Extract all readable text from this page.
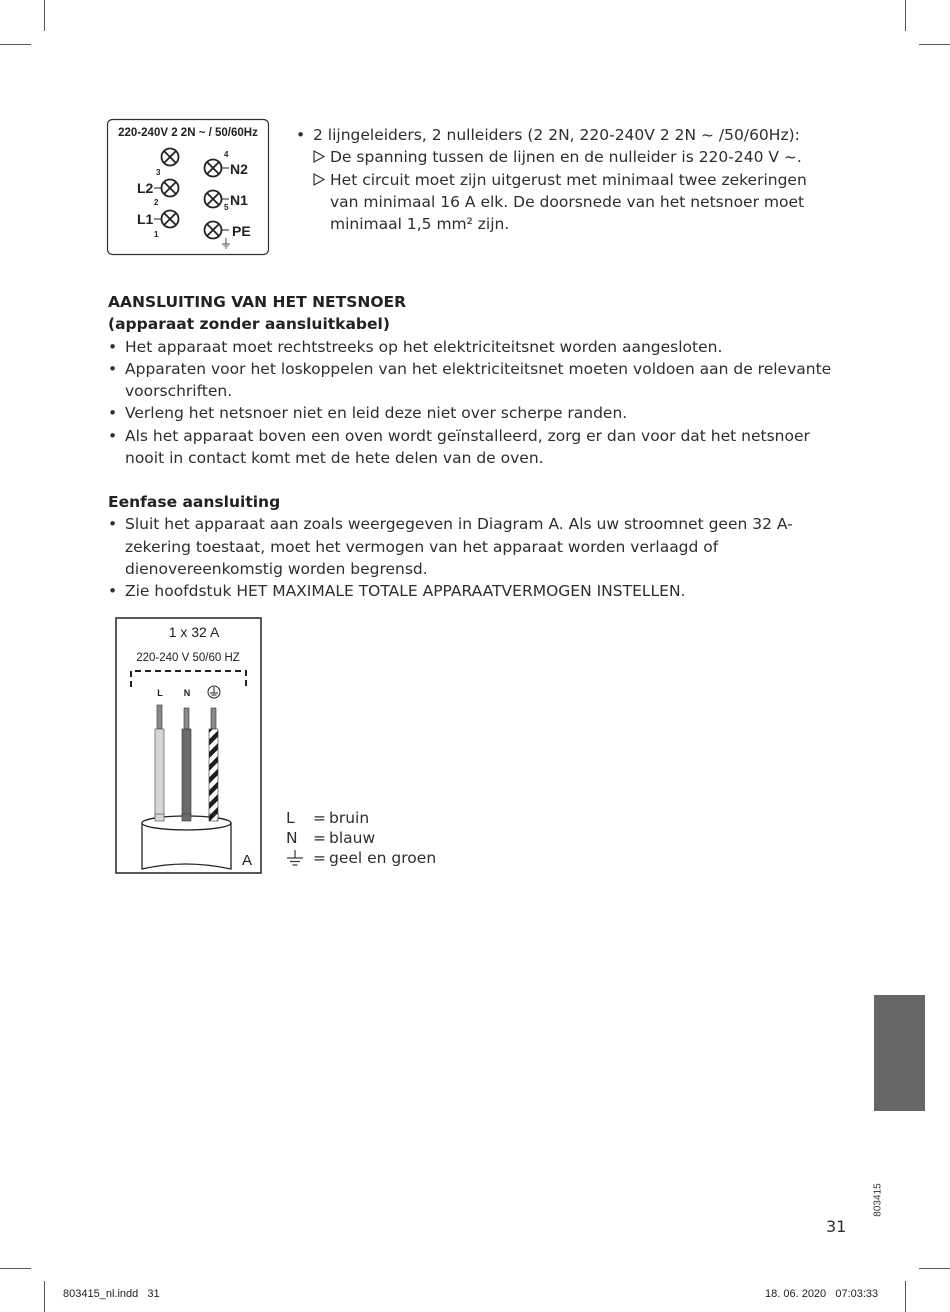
220-240V 2 2N ~ / 50/60Hz
3
L2
2
L1
1
4
N2
N1
5
PE
• 2 lijngeleiders, 2 nulleiders (2 2N, 220-240V 2 2N ~ /50/60Hz):
De spanning tussen de lijnen en de nulleider is 220-240 V ~.
Het circuit moet zijn uitgerust met minimaal twee zekeringen van minimaal 16 A elk. De doorsnede van het netsnoer moet minimaal 1,5 mm² zijn.
AANSLUITING VAN HET NETSNOER
(apparaat zonder aansluitkabel)
• Het apparaat moet rechtstreeks op het elektriciteitsnet worden aangesloten.
• Apparaten voor het loskoppelen van het elektriciteitsnet moeten voldoen aan de relevante voorschriften.
• Verleng het netsnoer niet en leid deze niet over scherpe randen.
• Als het apparaat boven een oven wordt geïnstalleerd, zorg er dan voor dat het netsnoer nooit in contact komt met de hete delen van de oven.
Eenfase aansluiting
• Sluit het apparaat aan zoals weergegeven in Diagram A. Als uw stroomnet geen 32 A-zekering toestaat, moet het vermogen van het apparaat worden verlaagd of dienovereenkomstig worden begrensd.
• Zie hoofdstuk HET MAXIMALE TOTALE APPARAATVERMOGEN INSTELLEN.
1 x 32 A
220-240 V 50/60 HZ
L N
A
L = bruin
N = blauw
= geel en groen
803415
31
803415_nl.indd   31	18. 06. 2020   07:03:33
